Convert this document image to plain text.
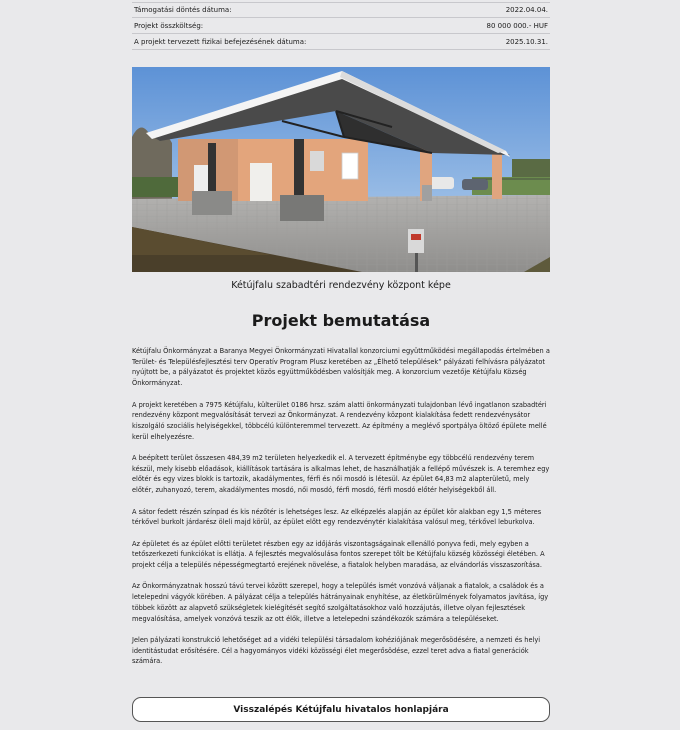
Támogatási döntés dátuma:	2022.04.04.
Projekt összköltség:	80 000 000.- HUF
A projekt tervezett fizikai befejezésének dátuma:	2025.10.31.
Kétújfalu szabadtéri rendezvény központ képe
Projekt bemutatása

Kétújfalu Önkormányzat a Baranya Megyei Önkormányzati Hivatallal konzorciumi együttműködési megállapodás értelmében a Terület- és Településfejlesztési terv Operatív Program Plusz keretében az „Élhető települések” pályázati felhívásra pályázatot nyújtott be, a pályázatot és projektet közös együttműködésben valósítják meg. A konzorcium vezetője Kétújfalu Község Önkormányzat.

A projekt keretében a 7975 Kétújfalu, külterület 0186 hrsz. szám alatti önkormányzati tulajdonban lévő ingatlanon szabadtéri rendezvény központ megvalósítását tervezi az Önkormányzat. A rendezvény központ kialakítása fedett rendezvénysátor kiszolgáló szociális helyiségekkel, többcélú különteremmel tervezett. Az építmény a meglévő sportpálya öltöző épülete mellé kerül elhelyezésre.

A beépített terület összesen 484,39 m2 területen helyezkedik el. A tervezett építménybe egy többcélú rendezvény terem készül, mely kisebb előadások, kiállítások tartására is alkalmas lehet, de használhatják a fellépő művészek is. A teremhez egy előtér és egy vizes blokk is tartozik, akadálymentes, férfi és női mosdó is létesül. Az épület 64,83 m2 alapterületű, mely előtér, zuhanyozó, terem, akadálymentes mosdó, női mosdó, férfi mosdó, férfi mosdó előtér helyiségekből áll.

A sátor fedett részén színpad és kis nézőtér is lehetséges lesz. Az elképzelés alapján az épület kör alakban egy 1,5 méteres térkővel burkolt járdarész öleli majd körül, az épület előtt egy rendezvénytér kialakítása valósul meg, térkővel leburkolva.

Az épületet és az épület előtti területet részben egy az időjárás viszontagságainak ellenálló ponyva fedi, mely egyben a tetőszerkezeti funkciókat is ellátja. A fejlesztés megvalósulása fontos szerepet tölt be Kétújfalu község közösségi életében. A projekt célja a település népességmegtartó erejének növelése, a fiatalok helyben maradása, az elvándorlás visszaszorítása.

Az Önkormányzatnak hosszú távú tervei között szerepel, hogy a település ismét vonzóvá váljanak a fiatalok, a családok és a letelepedni vágyók körében. A pályázat célja a település hátrányainak enyhítése, az életkörülmények folyamatos javítása, így többek között az alapvető szükségletek kielégítését segítő szolgáltatásokhoz való hozzájutás, illetve olyan fejlesztések megvalósítása, amelyek vonzóvá teszik az ott élők, illetve a letelepedni szándékozók számára a településeket.

Jelen pályázati konstrukció lehetőséget ad a vidéki települési társadalom kohéziójának megerősödésére, a nemzeti és helyi identitástudat erősítésére. Cél a hagyományos vidéki közösségi élet megerősödése, ezzel teret adva a fiatal generációk számára.

Visszalépés Kétújfalu hivatalos honlapjára
